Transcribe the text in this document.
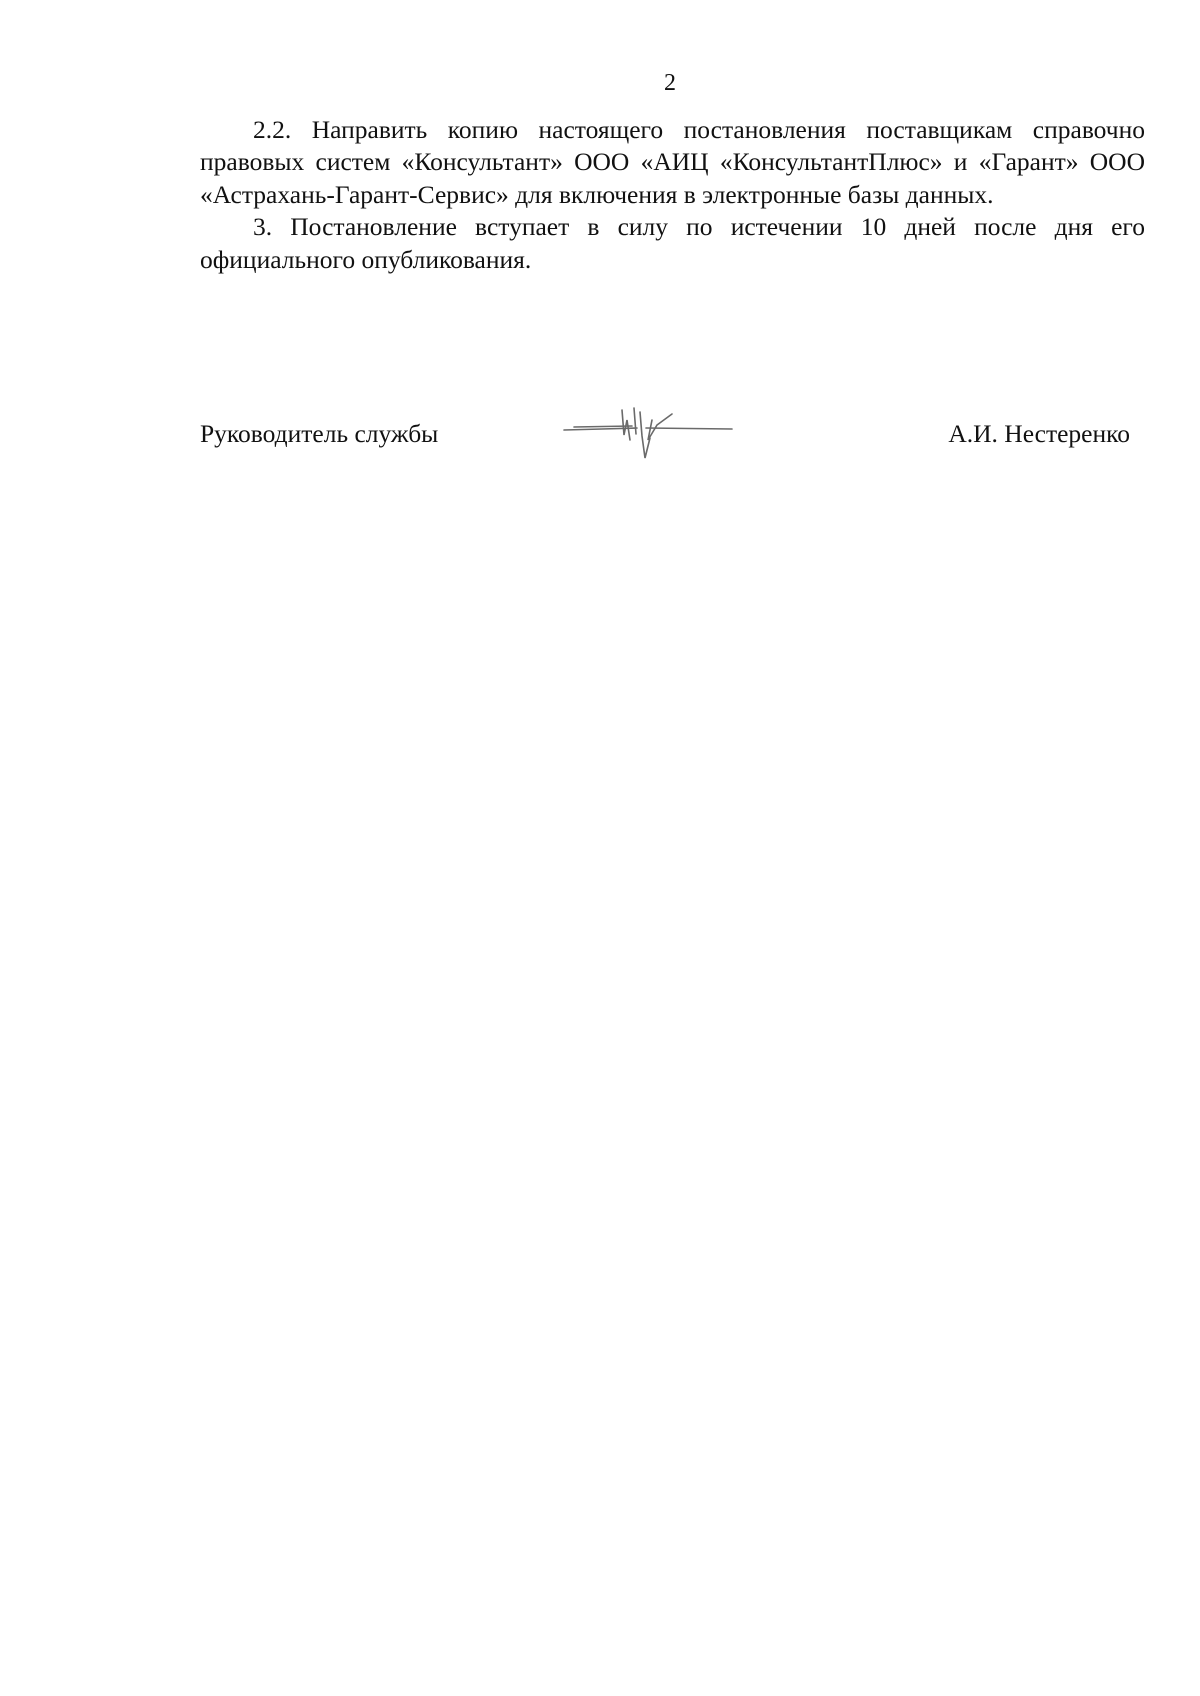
2

2.2. Направить копию настоящего постановления поставщикам справочно правовых систем «Консультант» ООО «АИЦ «КонсультантПлюс» и «Гарант» ООО «Астрахань-Гарант-Сервис» для включения в электронные базы данных.

3. Постановление вступает в силу по истечении 10 дней после дня его официального опубликования.

Руководитель службы	А.И. Нестеренко
